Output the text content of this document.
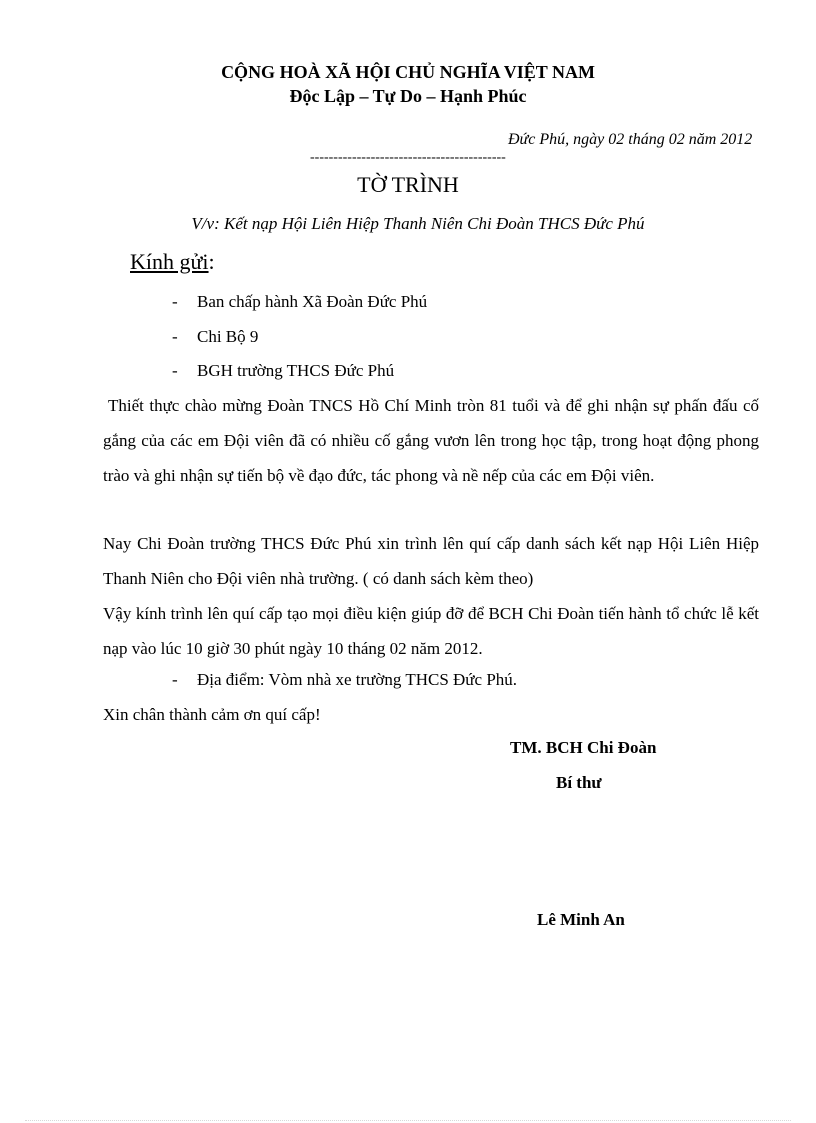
CỘNG HOÀ XÃ HỘI CHỦ NGHĨA VIỆT NAM
Độc Lập – Tự Do – Hạnh Phúc
Đức Phú, ngày 02 tháng 02 năm 2012
------------------------------------------
TỜ TRÌNH
V/v: Kết nạp Hội Liên Hiệp Thanh Niên Chi Đoàn THCS Đức Phú
Kính gửi:
- Ban chấp hành Xã Đoàn Đức Phú
- Chi Bộ 9
- BGH trường THCS Đức Phú
Thiết thực chào mừng Đoàn TNCS Hồ Chí Minh tròn 81 tuổi và để ghi nhận sự phấn đấu cố gắng của các em Đội viên đã có nhiều cố gắng vươn lên trong học tập, trong hoạt động phong trào và ghi nhận sự tiến bộ về đạo đức, tác phong và nề nếp của các em Đội viên.
Nay Chi Đoàn trường THCS Đức Phú xin trình lên quí cấp danh sách kết nạp Hội Liên Hiệp Thanh Niên cho Đội viên nhà trường. ( có danh sách kèm theo)
Vậy kính trình lên quí cấp tạo mọi điều kiện giúp đỡ để BCH Chi Đoàn tiến hành tổ chức lễ kết nạp vào lúc 10 giờ 30 phút ngày 10 tháng 02 năm 2012.
- Địa điểm: Vòm nhà xe trường THCS Đức Phú.
Xin chân thành cảm ơn quí cấp!
TM. BCH Chi Đoàn
Bí thư
Lê Minh An
